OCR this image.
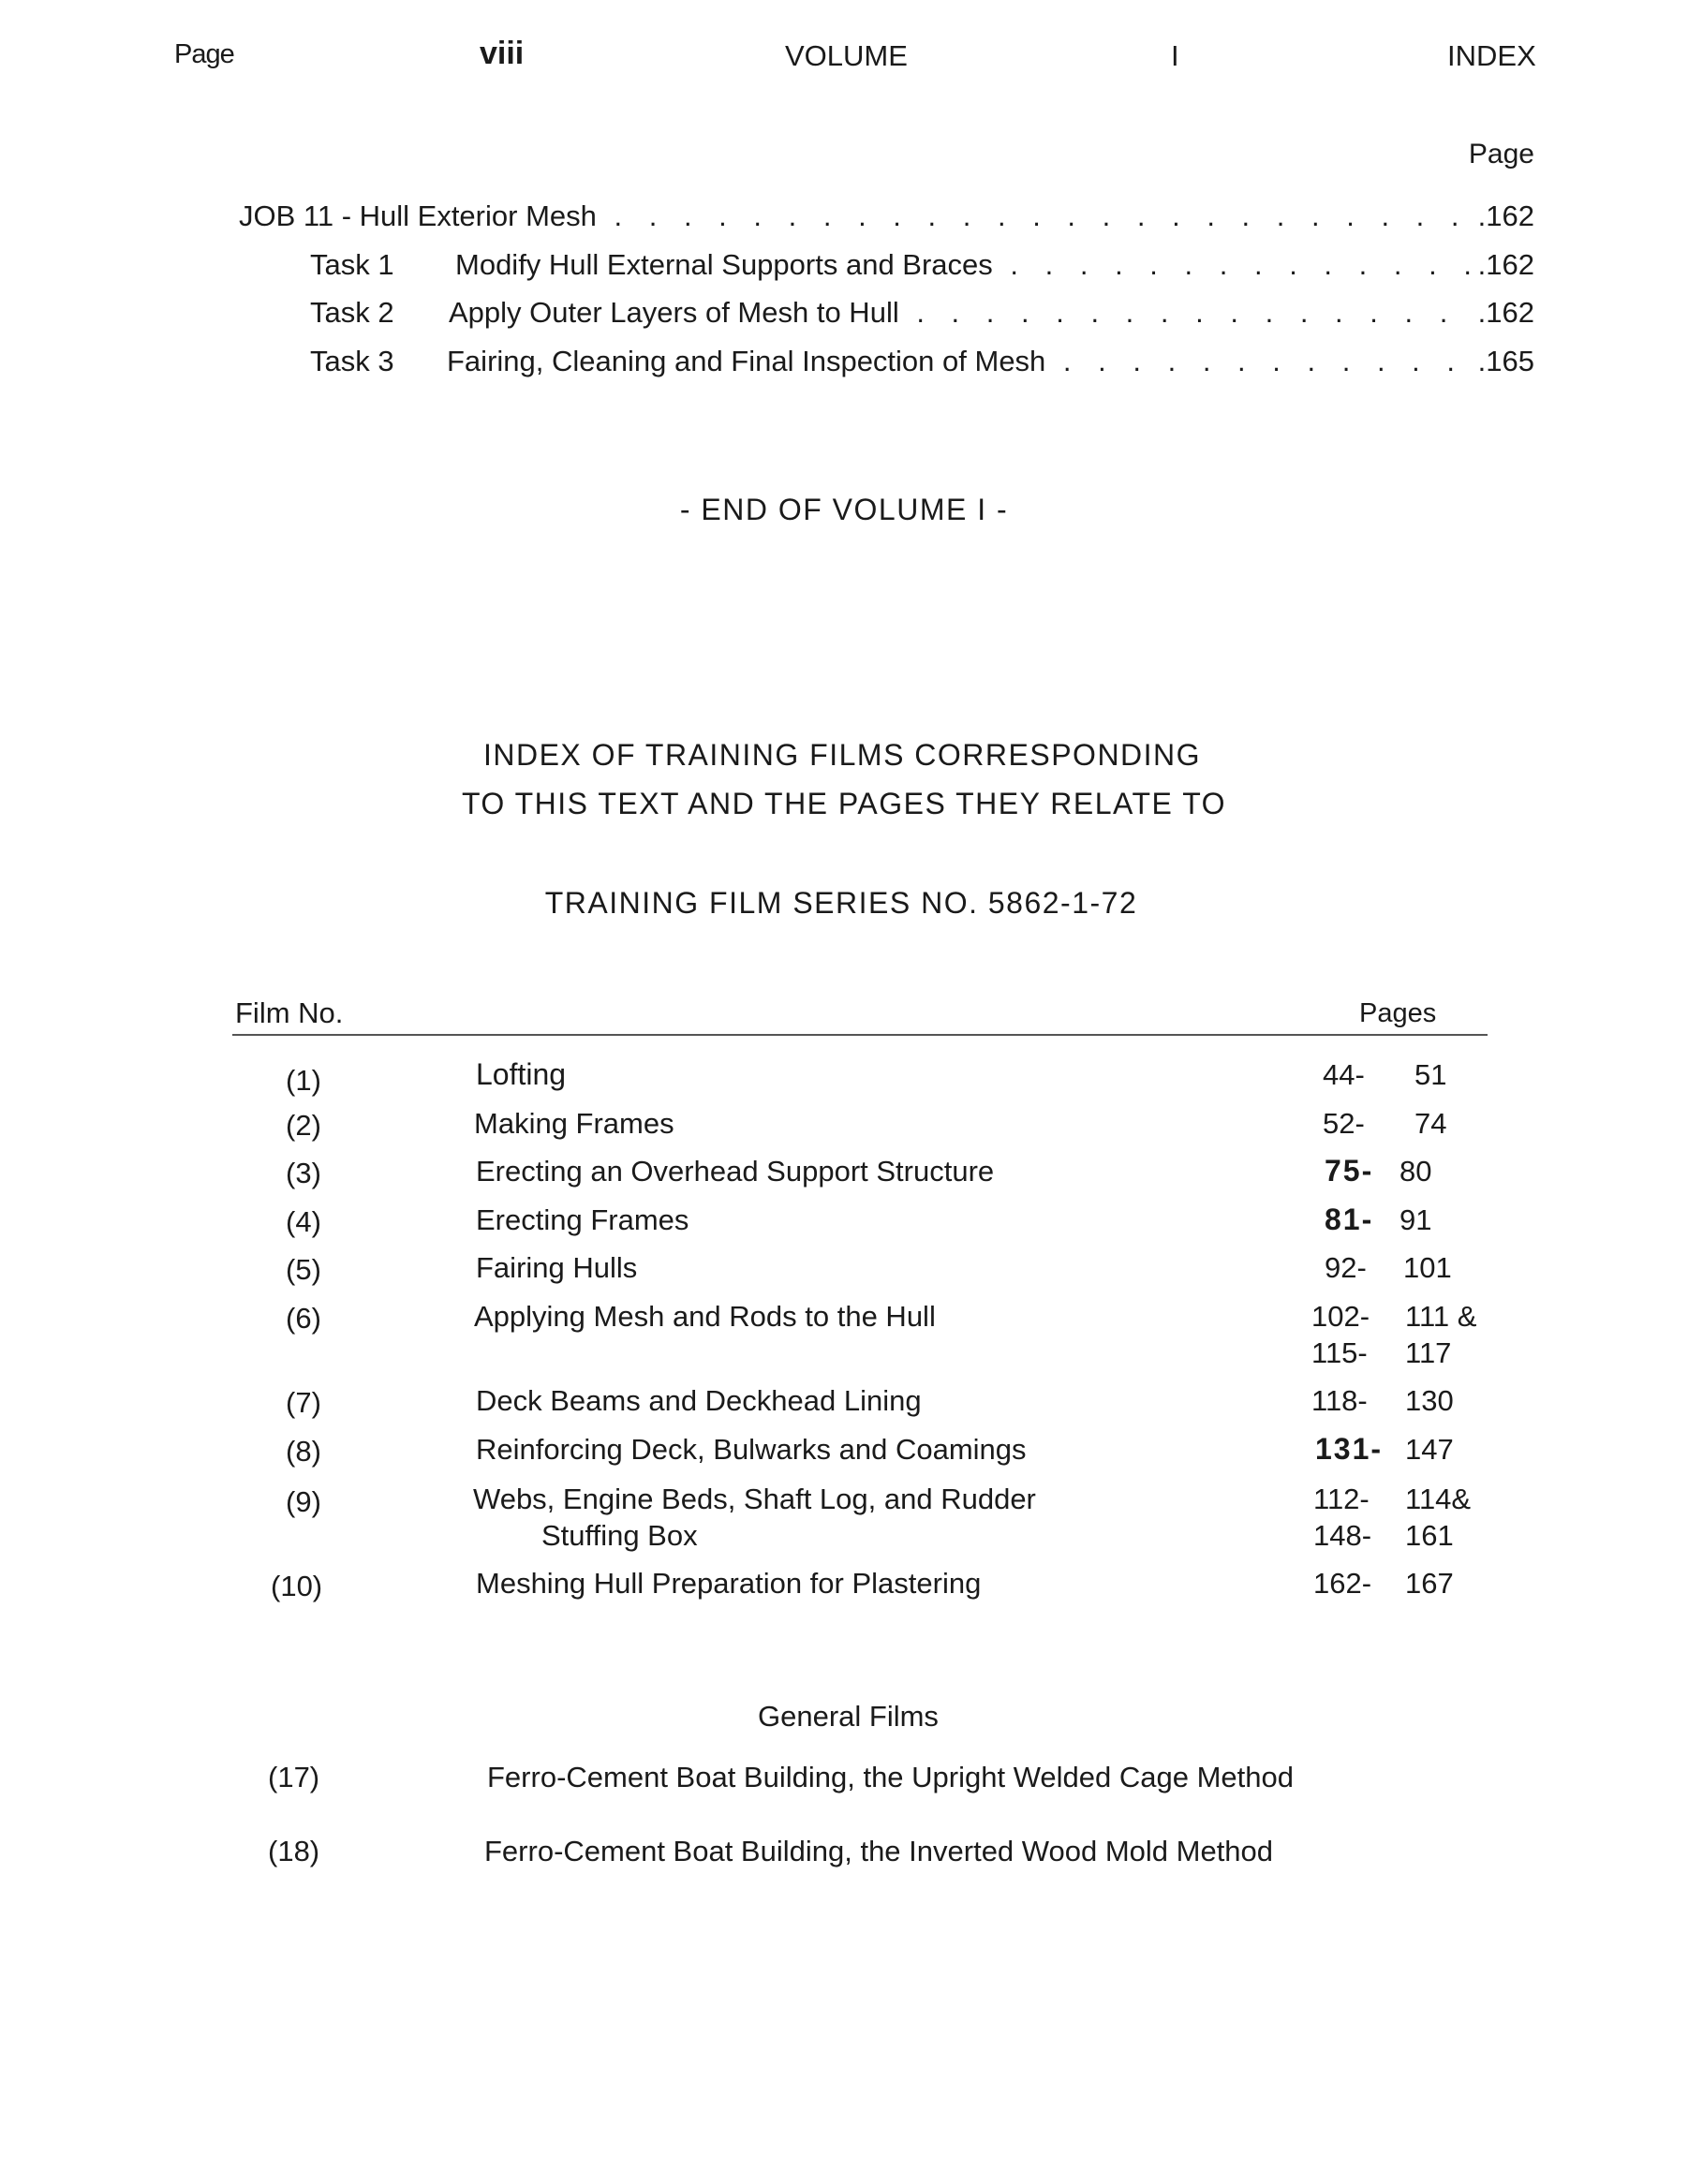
Page	viii	VOLUME	I	INDEX
Page
JOB 11 - Hull Exterior Mesh . . .	.162
Task 1 Modify Hull External Supports and Braces . . .	.162
Task 2 Apply Outer Layers of Mesh to Hull . . .	.162
Task 3 Fairing, Cleaning and Final Inspection of Mesh . . .	.165
- END OF VOLUME I -
INDEX OF TRAINING FILMS CORRESPONDING
TO THIS TEXT AND THE PAGES THEY RELATE TO
TRAINING FILM SERIES NO. 5862-1-72
Film No.	Pages
(1)	Lofting	44- 51
(2)	Making Frames	52- 74
(3)	Erecting an Overhead Support Structure	75- 80
(4)	Erecting Frames	81- 91
(5)	Fairing Hulls	92- 101
(6)	Applying Mesh and Rods to the Hull	102- 111 &
115- 117
(7)	Deck Beams and Deckhead Lining	118- 130
(8)	Reinforcing Deck, Bulwarks and Coamings	131- 147
(9)	Webs, Engine Beds, Shaft Log, and Rudder
Stuffing Box
112- 114&
148- 161
(10)	Meshing Hull Preparation for Plastering	162- 167
General Films
(17)	Ferro-Cement Boat Building, the Upright Welded Cage Method
(18)	Ferro-Cement Boat Building, the Inverted Wood Mold Method
